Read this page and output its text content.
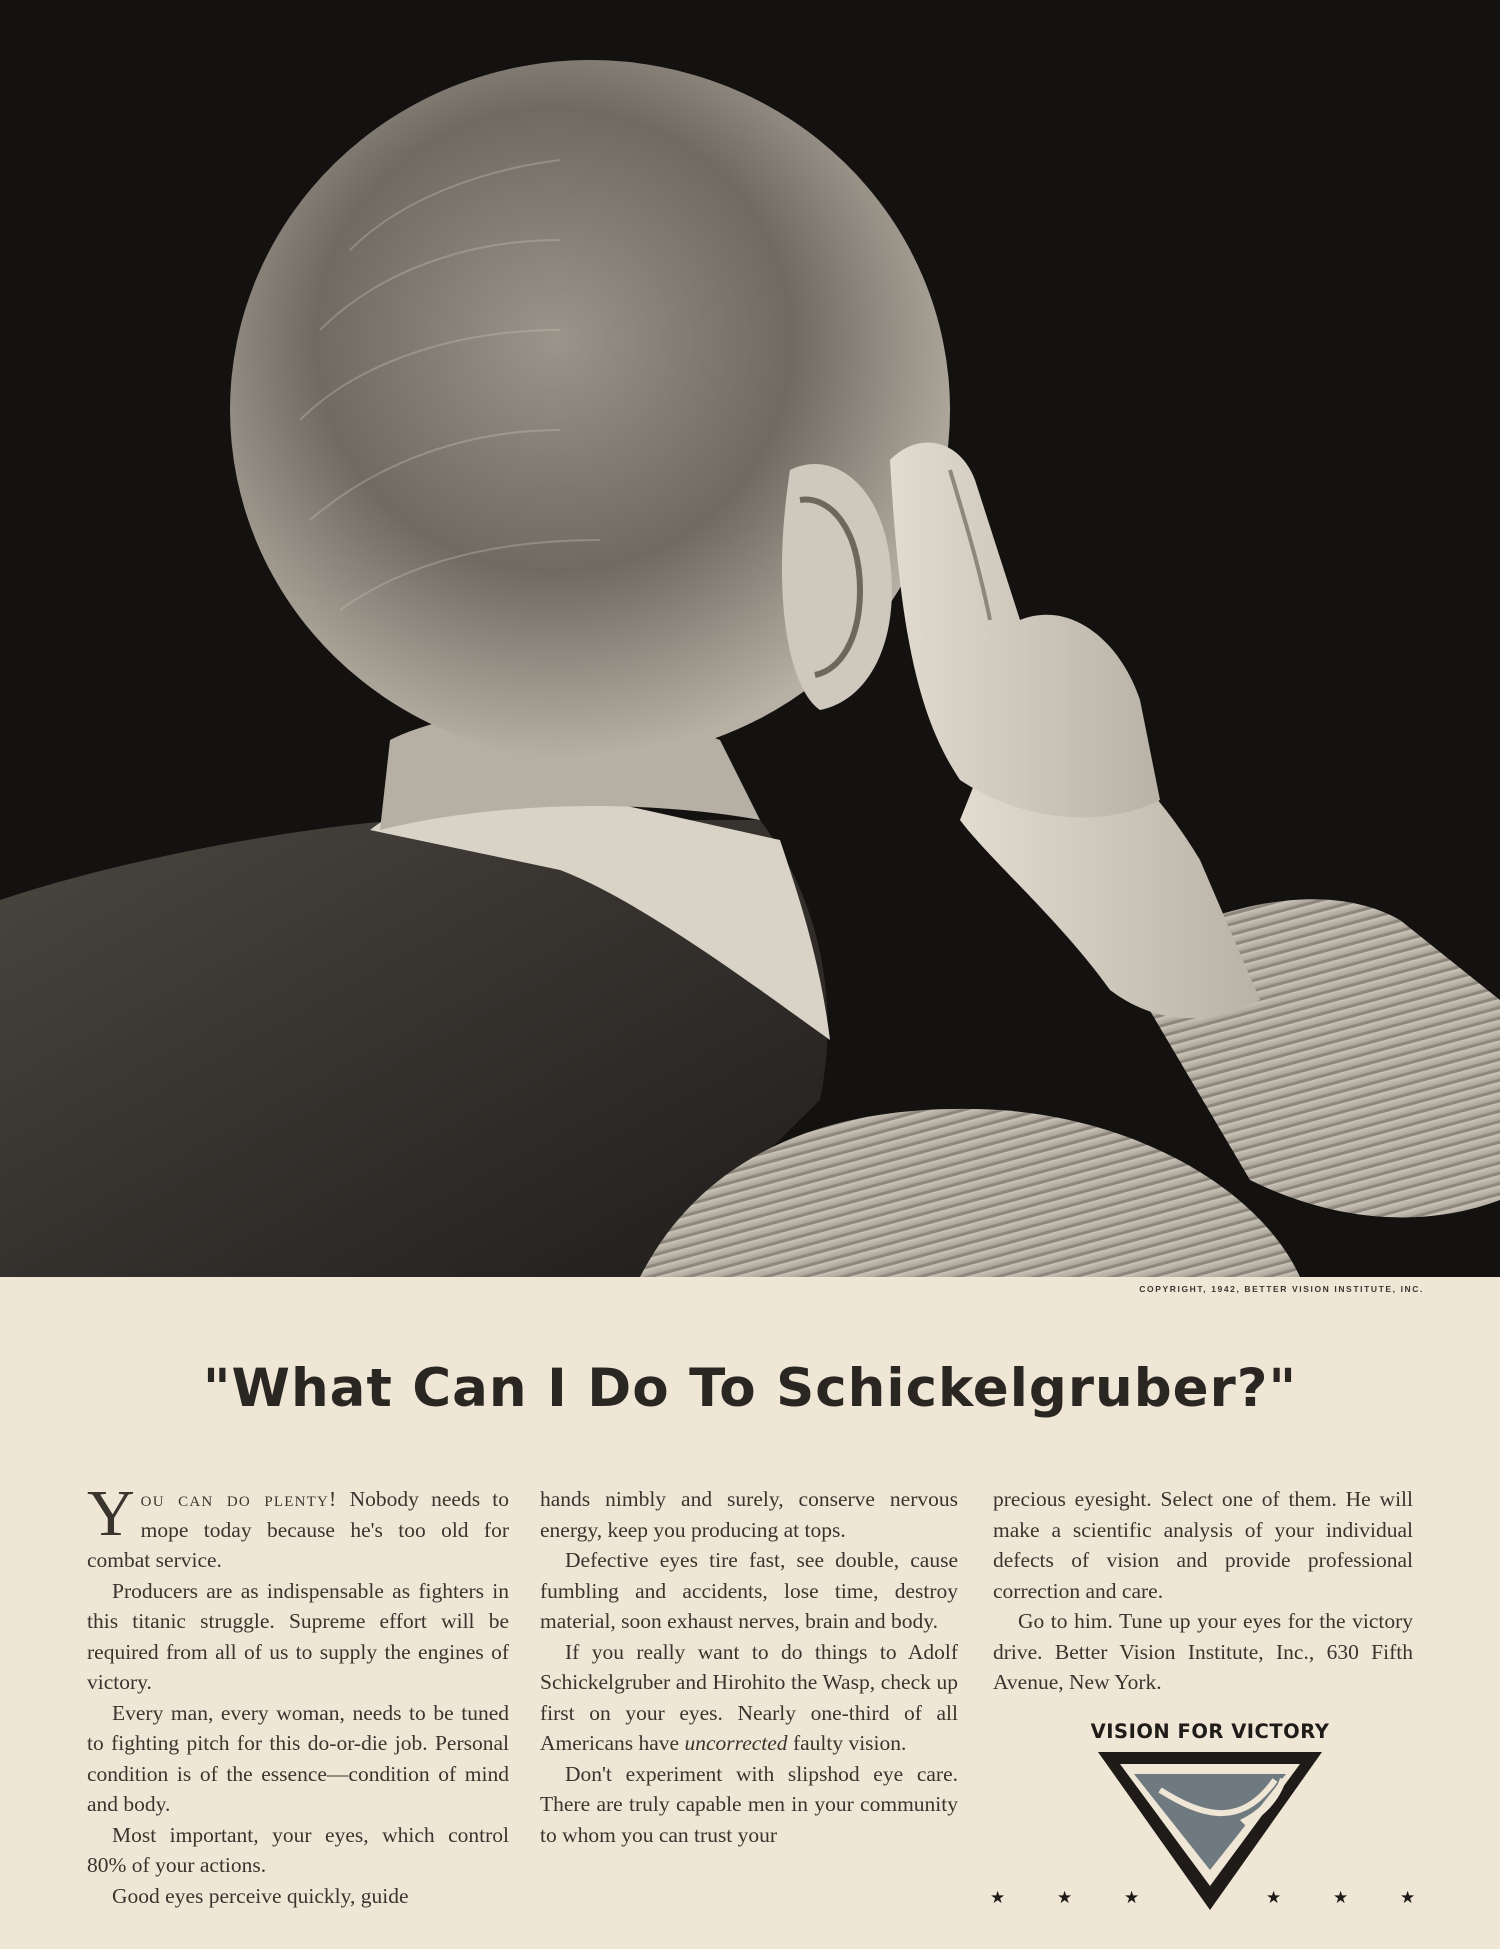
COPYRIGHT, 1942, BETTER VISION INSTITUTE, INC.
"What Can I Do To Schickelgruber?"

You can do plenty! Nobody needs to mope today because he's too old for combat service.

Producers are as indispensable as fighters in this titanic struggle. Supreme effort will be required from all of us to supply the engines of victory.

Every man, every woman, needs to be tuned to fighting pitch for this do-or-die job. Personal condition is of the essence—condition of mind and body.

Most important, your eyes, which control 80% of your actions.

Good eyes perceive quickly, guide

hands nimbly and surely, conserve nervous energy, keep you producing at tops.

Defective eyes tire fast, see double, cause fumbling and accidents, lose time, destroy material, soon exhaust nerves, brain and body.

If you really want to do things to Adolf Schickelgruber and Hirohito the Wasp, check up first on your eyes. Nearly one-third of all Americans have uncorrected faulty vision.

Don't experiment with slipshod eye care. There are truly capable men in your community to whom you can trust your

precious eyesight. Select one of them. He will make a scientific analysis of your individual defects of vision and provide professional correction and care.

Go to him. Tune up your eyes for the victory drive. Better Vision Institute, Inc., 630 Fifth Avenue, New York.

VISION FOR VICTORY
★	★	★	★	★	★
